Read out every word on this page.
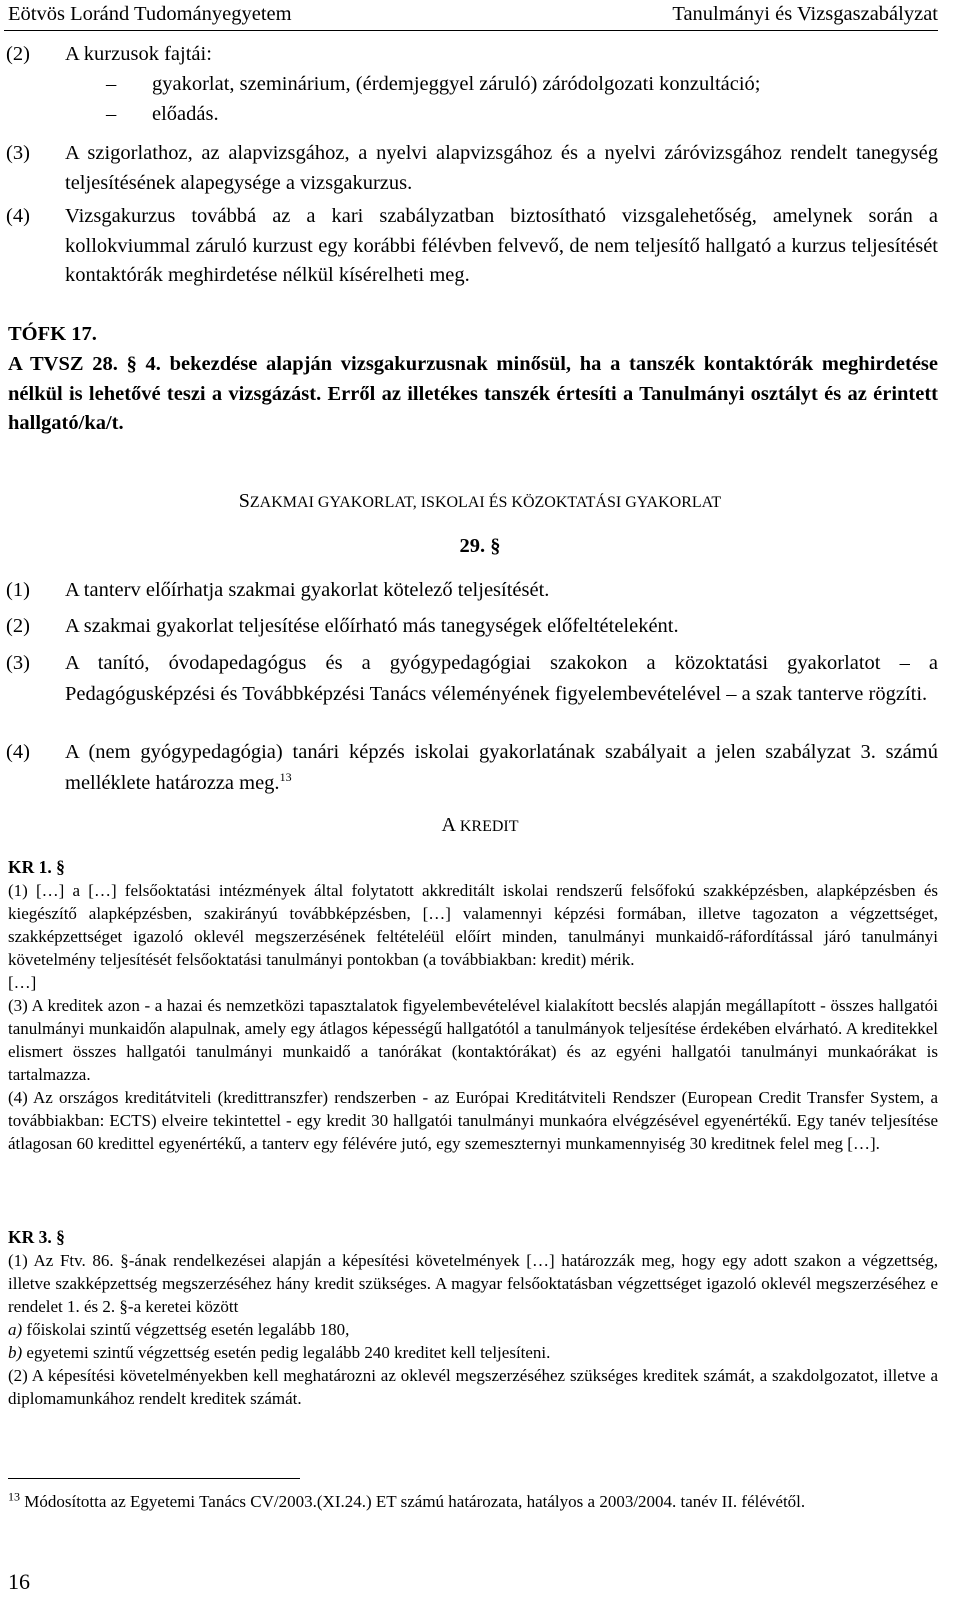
Eötvös Loránd Tudományegyetem	Tanulmányi és Vizsgaszabályzat
(2) A kurzusok fajtái:
– gyakorlat, szeminárium, (érdemjeggyel záruló) záródolgozati konzultáció;
– előadás.
(3) A szigorlathoz, az alapvizsgához, a nyelvi alapvizsgához és a nyelvi záróvizsgához rendelt tanegység teljesítésének alapegysége a vizsgakurzus.
(4) Vizsgakurzus továbbá az a kari szabályzatban biztosítható vizsgalehetőség, amelynek során a kollokviummal záruló kurzust egy korábbi félévben felvevő, de nem teljesítő hallgató a kurzus teljesítését kontaktórák meghirdetése nélkül kísérelheti meg.
TÓFK 17.
A TVSZ 28. § 4. bekezdése alapján vizsgakurzusnak minősül, ha a tanszék kontaktórák meghirdetése nélkül is lehetővé teszi a vizsgázást. Erről az illetékes tanszék értesíti a Tanulmányi osztályt és az érintett hallgató/ka/t.
SZAKMAI GYAKORLAT, ISKOLAI ÉS KÖZOKTATÁSI GYAKORLAT
29. §
(1) A tanterv előírhatja szakmai gyakorlat kötelező teljesítését.
(2) A szakmai gyakorlat teljesítése előírható más tanegységek előfeltételeként.
(3) A tanító, óvodapedagógus és a gyógypedagógiai szakokon a közoktatási gyakorlatot – a Pedagógusképzési és Továbbképzési Tanács véleményének figyelembevételével – a szak tanterve rögzíti.
(4) A (nem gyógypedagógia) tanári képzés iskolai gyakorlatának szabályait a jelen szabályzat 3. számú melléklete határozza meg.$^{13}$
A KREDIT

KR 1. §

(1) […] a […] felsőoktatási intézmények által folytatott akkreditált iskolai rendszerű felsőfokú szakképzésben, alapképzésben és kiegészítő alapképzésben, szakirányú továbbképzésben, […] valamennyi képzési formában, illetve tagozaton a végzettséget, szakképzettséget igazoló oklevél megszerzésének feltételéül előírt minden, tanulmányi munkaidő-ráfordítással járó tanulmányi követelmény teljesítését felsőoktatási tanulmányi pontokban (a továbbiakban: kredit) mérik.

[…]

(3) A kreditek azon - a hazai és nemzetközi tapasztalatok figyelembevételével kialakított becslés alapján megállapított - összes hallgatói tanulmányi munkaidőn alapulnak, amely egy átlagos képességű hallgatótól a tanulmányok teljesítése érdekében elvárható. A kreditekkel elismert összes hallgatói tanulmányi munkaidő a tanórákat (kontaktórákat) és az egyéni hallgatói tanulmányi munkaórákat is tartalmazza.

(4) Az országos kreditátviteli (kredittranszfer) rendszerben - az Európai Kreditátviteli Rendszer (European Credit Transfer System, a továbbiakban: ECTS) elveire tekintettel - egy kredit 30 hallgatói tanulmányi munkaóra elvégzésével egyenértékű. Egy tanév teljesítése átlagosan 60 kredittel egyenértékű, a tanterv egy félévére jutó, egy szemeszternyi munkamennyiség 30 kreditnek felel meg […].

KR 3. §

(1) Az Ftv. 86. §-ának rendelkezései alapján a képesítési követelmények […] határozzák meg, hogy egy adott szakon a végzettség, illetve szakképzettség megszerzéséhez hány kredit szükséges. A magyar felsőoktatásban végzettséget igazoló oklevél megszerzéséhez e rendelet 1. és 2. §-a keretei között

a) főiskolai szintű végzettség esetén legalább 180,

b) egyetemi szintű végzettség esetén pedig legalább 240 kreditet kell teljesíteni.

(2) A képesítési követelményekben kell meghatározni az oklevél megszerzéséhez szükséges kreditek számát, a szakdolgozatot, illetve a diplomamunkához rendelt kreditek számát.

$^{13}$ Módosította az Egyetemi Tanács CV/2003.(XI.24.) ET számú határozata, hatályos a 2003/2004. tanév II. félévétől.
16
